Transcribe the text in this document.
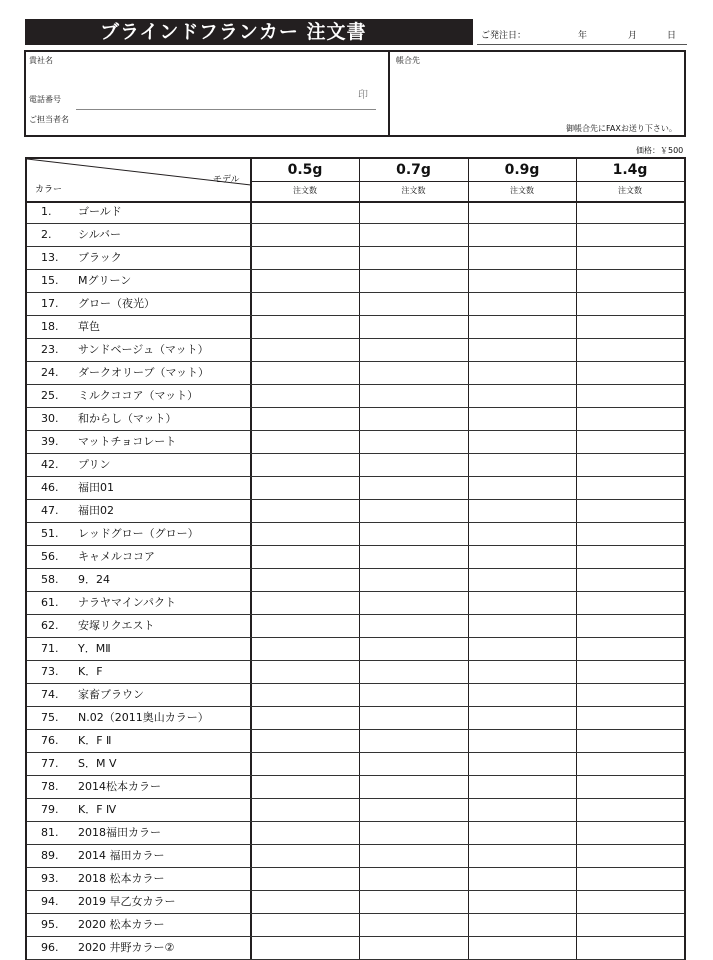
ブラインドフランカー 注文書	ご発注日：	年	月	日
貴社名
電話番号	印
ご担当者名
帳合先
御帳合先にFAXお送り下さい。
価格：￥500
モデル
カラー
0.5g	0.7g	0.9g	1.4g
注文数	注文数	注文数	注文数
1. ゴールド
2. シルバー
13. ブラック
15. Mグリーン
17. グロー（夜光）
18. 草色
23. サンドベージュ（マット）
24. ダークオリーブ（マット）
25. ミルクココア（マット）
30. 和からし（マット）
39. マットチョコレート
42. プリン
46. 福田01
47. 福田02
51. レッドグロー（グロー）
56. キャメルココア
58. 9．24
61. ナラヤマインパクト
62. 安塚リクエスト
71. Y．MⅡ
73. K．F
74. 家畜ブラウン
75. N.02（2011奥山カラー）
76. K．F Ⅱ
77. S．M Ⅴ
78. 2014松本カラー
79. K．F Ⅳ
81. 2018福田カラー
89. 2014 福田カラー
93. 2018 松本カラー
94. 2019 早乙女カラー
95. 2020 松本カラー
96. 2020 井野カラー②
